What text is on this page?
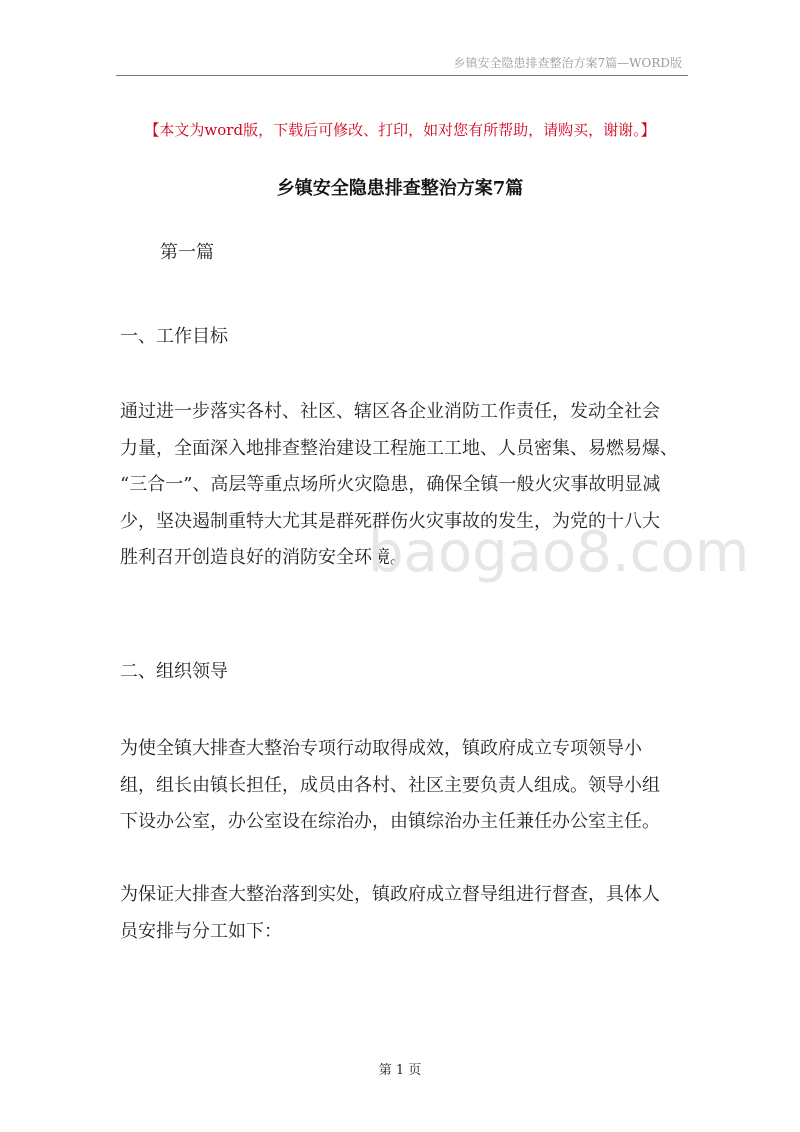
乡镇安全隐患排查整治方案7篇—WORD版
【本文为word版，下载后可修改、打印，如对您有所帮助，请购买，谢谢。】
乡镇安全隐患排查整治方案7篇
第一篇
一、工作目标
通过进一步落实各村、社区、辖区各企业消防工作责任，发动全社会
力量，全面深入地排查整治建设工程施工工地、人员密集、易燃易爆、
“三合一”、高层等重点场所火灾隐患，确保全镇一般火灾事故明显减
少，坚决遏制重特大尤其是群死群伤火灾事故的发生，为党的十八大
胜利召开创造良好的消防安全环境。
二、组织领导
为使全镇大排查大整治专项行动取得成效，镇政府成立专项领导小
组，组长由镇长担任，成员由各村、社区主要负责人组成。领导小组
下设办公室，办公室设在综治办，由镇综治办主任兼任办公室主任。
为保证大排查大整治落到实处，镇政府成立督导组进行督查，具体人
员安排与分工如下：
baogao8.com
第 1 页
